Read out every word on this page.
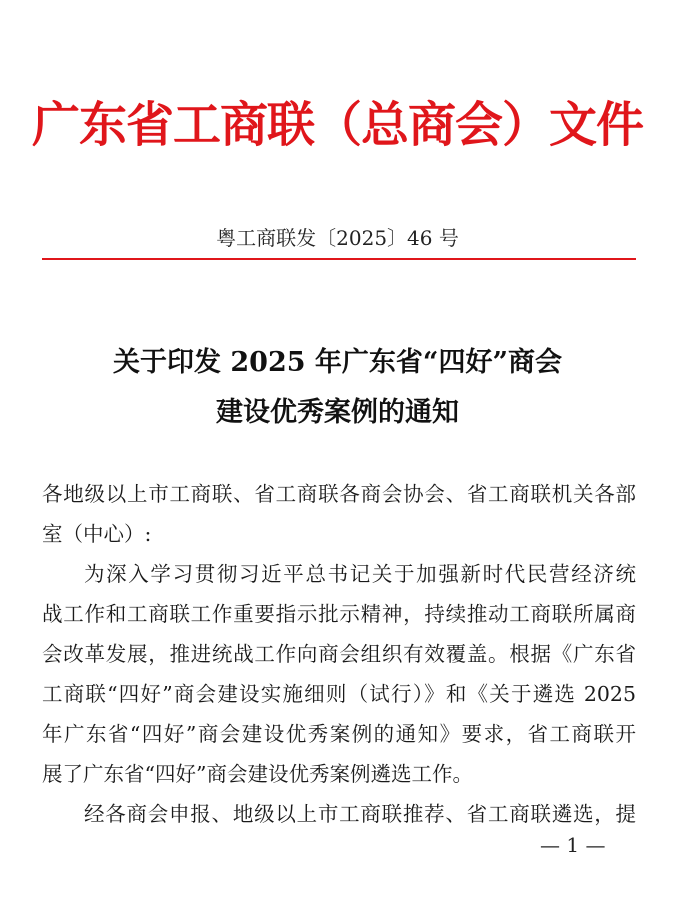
广东省工商联（总商会）文件
粤工商联发〔2025〕46 号
关于印发 2025 年广东省“四好”商会
建设优秀案例的通知
各地级以上市工商联、省工商联各商会协会、省工商联机关各部
室（中心）:
为深入学习贯彻习近平总书记关于加强新时代民营经济统
战工作和工商联工作重要指示批示精神，持续推动工商联所属商
会改革发展，推进统战工作向商会组织有效覆盖。根据《广东省
工商联“四好”商会建设实施细则（试行）》和《关于遴选 2025
年广东省“四好”商会建设优秀案例的通知》要求，省工商联开
展了广东省“四好”商会建设优秀案例遴选工作。
经各商会申报、地级以上市工商联推荐、省工商联遴选，提
— 1 —
